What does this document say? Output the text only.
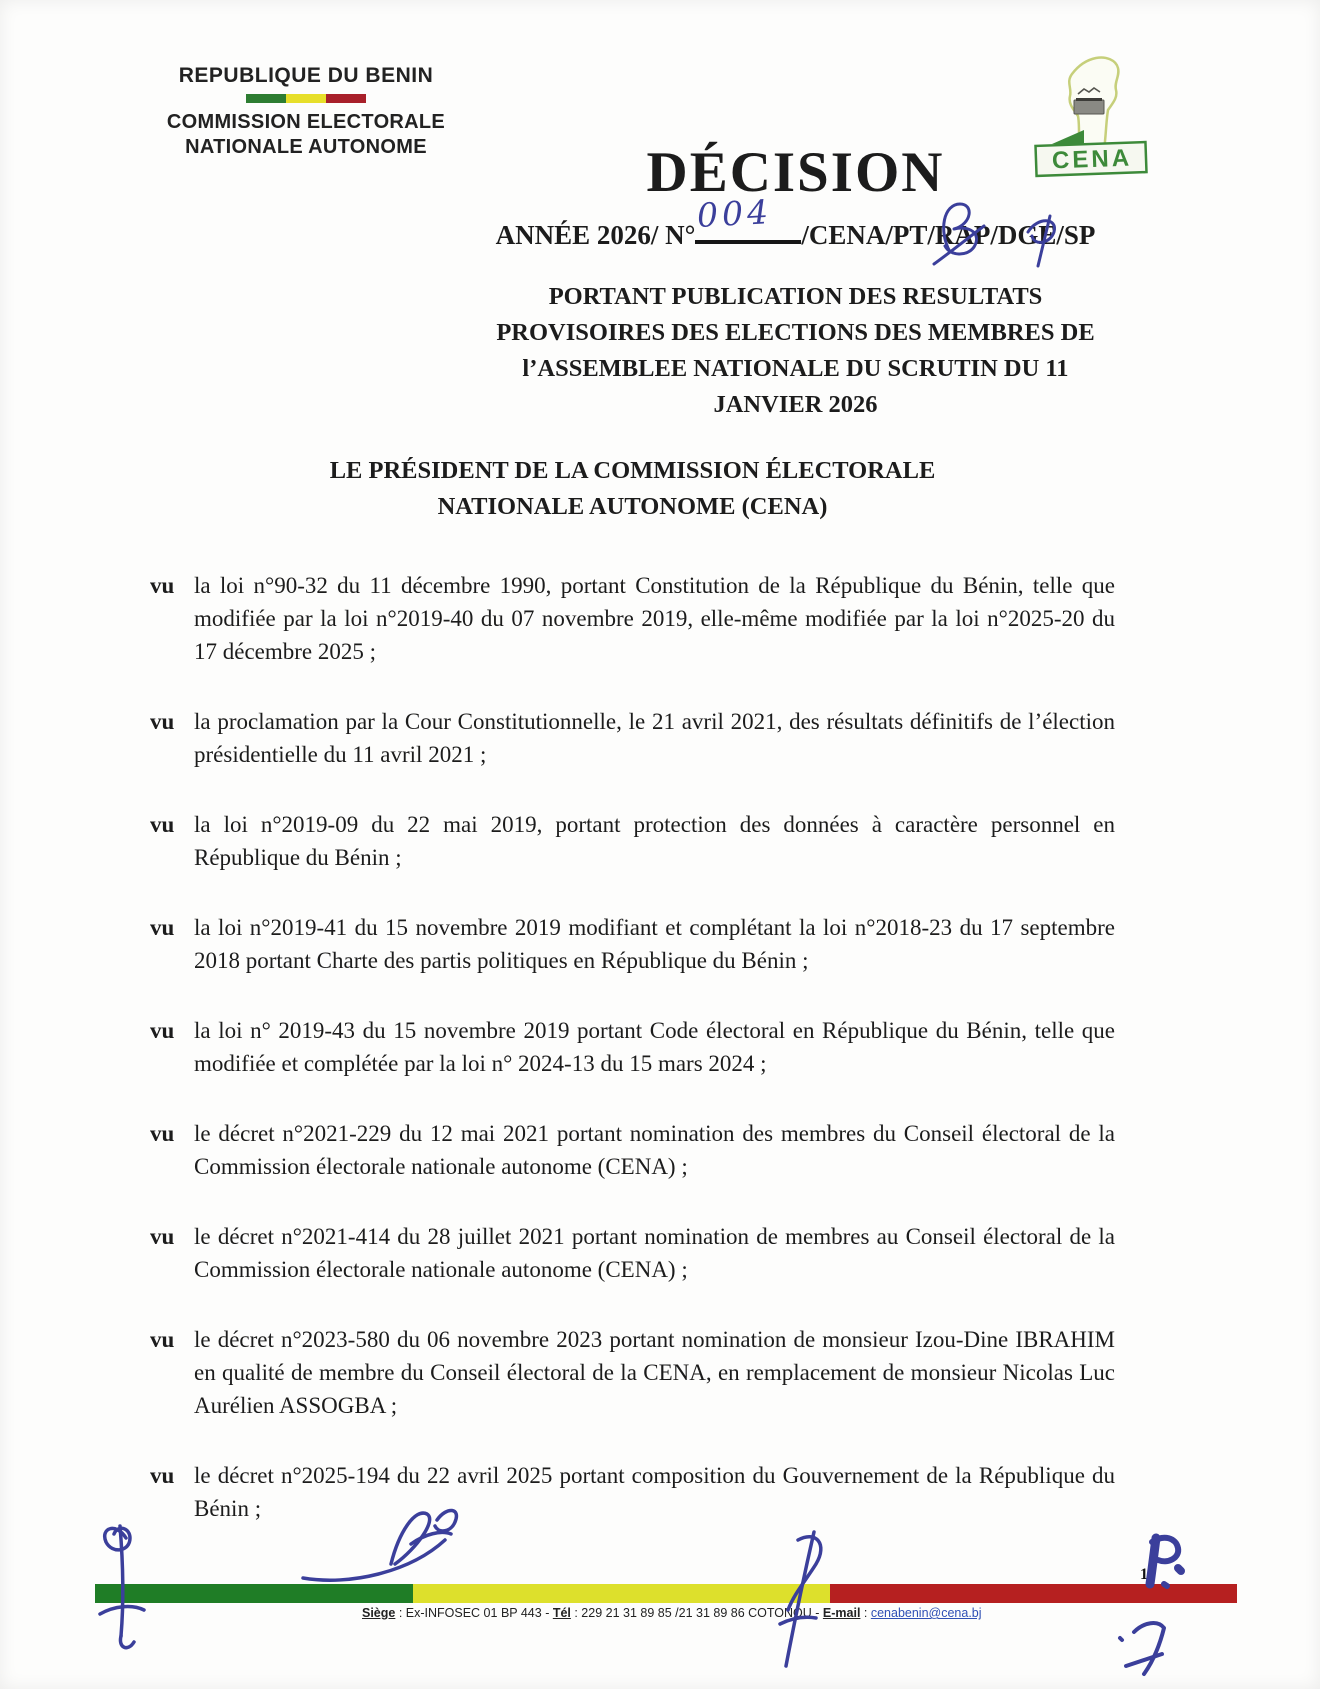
REPUBLIQUE DU BENIN
COMMISSION ELECTORALE
NATIONALE AUTONOME	CENA
DÉCISION
ANNÉE 2026/ N°
004
/CENA/PT/RAP/DGE/SP
PORTANT PUBLICATION DES RESULTATS
PROVISOIRES DES ELECTIONS DES MEMBRES DE
l’ASSEMBLEE NATIONALE DU SCRUTIN DU 11
JANVIER 2026
LE PRÉSIDENT DE LA COMMISSION ÉLECTORALE
NATIONALE AUTONOME (CENA)
vu la loi n°90-32 du 11 décembre 1990, portant Constitution de la République du Bénin, telle que modifiée par la loi n°2019-40 du 07 novembre 2019, elle-même modifiée par la loi n°2025-20 du 17 décembre 2025 ;
vu la proclamation par la Cour Constitutionnelle, le 21 avril 2021, des résultats définitifs de l’élection présidentielle du 11 avril 2021 ;
vu la loi n°2019-09 du 22 mai 2019, portant protection des données à caractère personnel en République du Bénin ;
vu la loi n°2019-41 du 15 novembre 2019 modifiant et complétant la loi n°2018-23 du 17 septembre 2018 portant Charte des partis politiques en République du Bénin ;
vu la loi n° 2019-43 du 15 novembre 2019 portant Code électoral en République du Bénin, telle que modifiée et complétée par la loi n° 2024-13 du 15 mars 2024 ;
vu le décret n°2021-229 du 12 mai 2021 portant nomination des membres du Conseil électoral de la Commission électorale nationale autonome (CENA) ;
vu le décret n°2021-414 du 28 juillet 2021 portant nomination de membres au Conseil électoral de la Commission électorale nationale autonome (CENA) ;
vu le décret n°2023-580 du 06 novembre 2023 portant nomination de monsieur Izou-Dine IBRAHIM en qualité de membre du Conseil électoral de la CENA, en remplacement de monsieur Nicolas Luc Aurélien ASSOGBA ;
vu le décret n°2025-194 du 22 avril 2025 portant composition du Gouvernement de la République du Bénin ;
1
Siège : Ex-INFOSEC 01 BP 443 - Tél : 229 21 31 89 85 /21 31 89 86 COTONOU - E-mail : cenabenin@cena.bj
